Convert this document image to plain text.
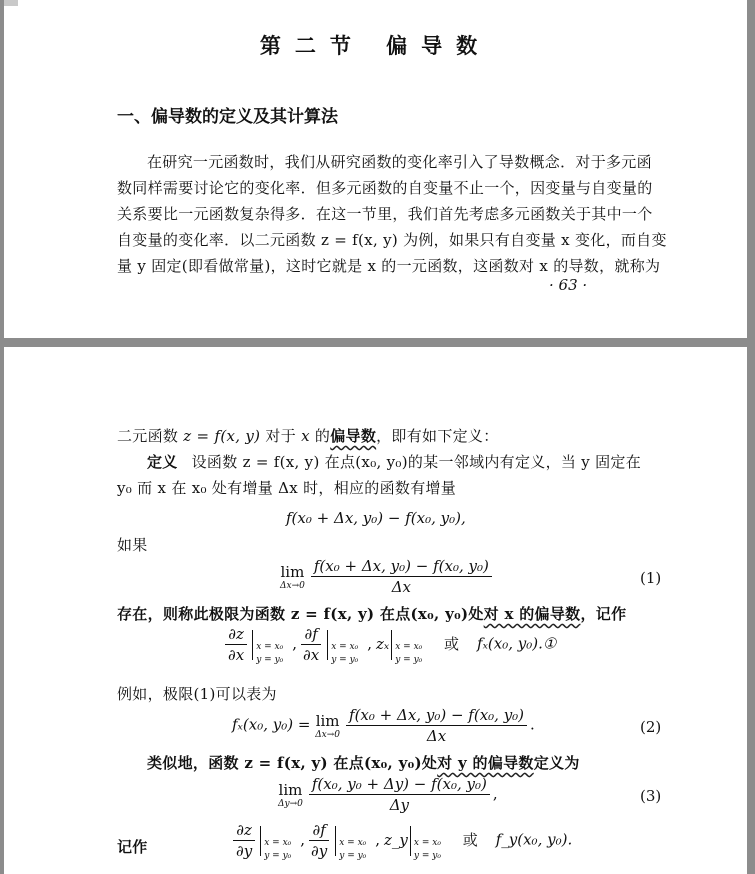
第二节 偏导数
一、偏导数的定义及其计算法
在研究一元函数时，我们从研究函数的变化率引入了导数概念．对于多元函
数同样需要讨论它的变化率．但多元函数的自变量不止一个，因变量与自变量的
关系要比一元函数复杂得多．在这一节里，我们首先考虑多元函数关于其中一个
自变量的变化率．以二元函数 z = f(x, y) 为例，如果只有自变量 x 变化，而自变
量 y 固定(即看做常量)，这时它就是 x 的一元函数，这函数对 x 的导数，就称为
· 63 ·
二元函数 z = f(x, y) 对于 x 的偏导数，即有如下定义：
定义 设函数 z = f(x, y) 在点(x₀, y₀)的某一邻域内有定义，当 y 固定在
y₀ 而 x 在 x₀ 处有增量 Δx 时，相应的函数有增量
f(x₀ + Δx, y₀) − f(x₀, y₀),
如果
lim
$\Delta x\to 0 \frac{\text{f(x₀ + Δx, y₀) − f(x₀, y₀)}}{\Delta x}$	(1)
存在，则称此极限为函数 z = f(x, y) 在点(x₀, y₀)处对 x 的偏导数，记作
$\frac{\partial z}{\partial x}$ x = x₀
y = y₀
, $\frac{\partial f}{\partial x}$ x = x₀
y = y₀
, zₓ x = x₀
y = y₀
或 fₓ(x₀, y₀).①
例如，极限(1)可以表为
fₓ(x₀, y₀) = lim
$\Delta x\to 0 \frac{\text{f(x₀ + Δx, y₀) − f(x₀, y₀)}}{\Delta x}$ .	(2)
类似地，函数 z = f(x, y) 在点(x₀, y₀)处对 y 的偏导数定义为
lim
$\Delta y\to 0 \frac{\text{f(x₀, y₀ + Δy) − f(x₀, y₀)}}{\Delta y}$ ,	(3)
记作	$\frac{\partial z}{\partial y}$ x = x₀
y = y₀
, $\frac{\partial f}{\partial y}$ x = x₀
y = y₀
, z_y x = x₀
y = y₀
或 f_y(x₀, y₀).
